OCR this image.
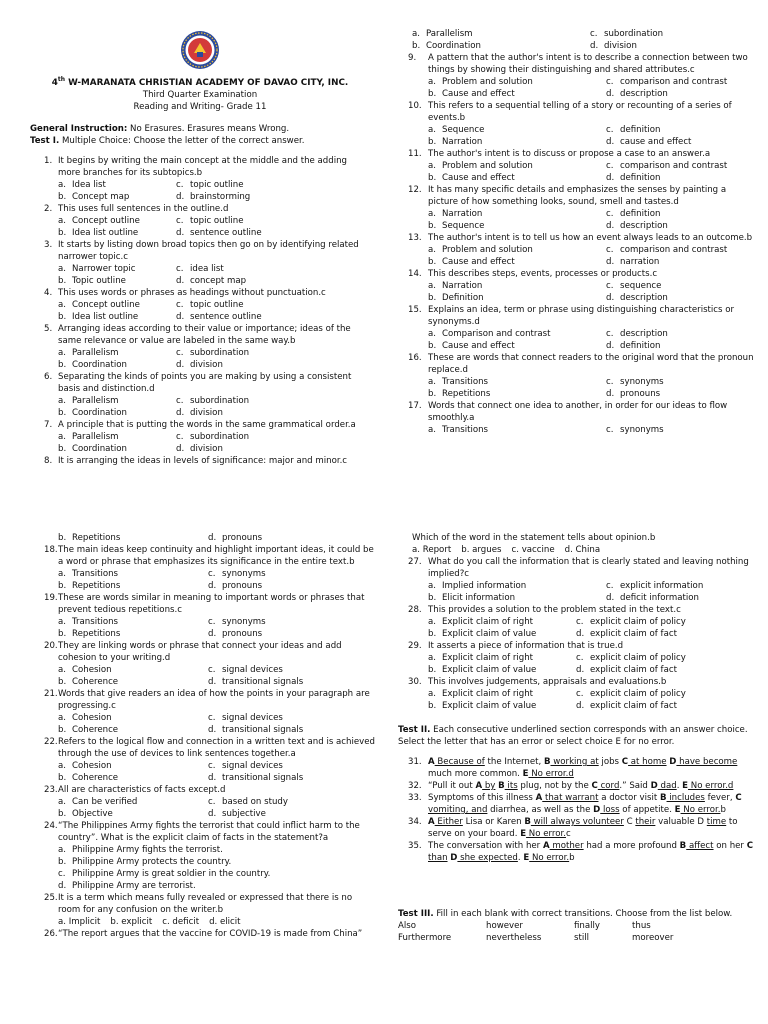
4th W-MARANATA CHRISTIAN ACADEMY OF DAVAO CITY, INC.
Third Quarter Examination
Reading and Writing- Grade 11
General Instruction: No Erasures. Erasures means Wrong.
Test I. Multiple Choice: Choose the letter of the correct answer.
1. It begins by writing the main concept at the middle and the adding more branches for its subtopics.b
a. Idea list	c. topic outline
b. Concept map	d. brainstorming
2. This uses full sentences in the outline.d
a. Concept outline	c. topic outline
b. Idea list outline	d. sentence outline
3. It starts by listing down broad topics then go on by identifying related narrower topic.c
a. Narrower topic	c. idea list
b. Topic outline	d. concept map
4. This uses words or phrases as headings without punctuation.c
a. Concept outline	c. topic outline
b. Idea list outline	d. sentence outline
5. Arranging ideas according to their value or importance; ideas of the same relevance or value are labeled in the same way.b
a. Parallelism	c. subordination
b. Coordination	d. division
6. Separating the kinds of points you are making by using a consistent basis and distinction.d
a. Parallelism	c. subordination
b. Coordination	d. division
7. A principle that is putting the words in the same grammatical order.a
a. Parallelism	c. subordination
b. Coordination	d. division
8. It is arranging the ideas in levels of significance: major and minor.c
a. Parallelism	c. subordination
b. Coordination	d. division
9. A pattern that the author's intent is to describe a connection between two things by showing their distinguishing and shared attributes.c
a. Problem and solution	c. comparison and contrast
b. Cause and effect	d. description
10. This refers to a sequential telling of a story or recounting of a series of events.b
a. Sequence	c. definition
b. Narration	d. cause and effect
11. The author's intent is to discuss or propose a case to an answer.a
a. Problem and solution	c. comparison and contrast
b. Cause and effect	d. definition
12. It has many specific details and emphasizes the senses by painting a picture of how something looks, sound, smell and tastes.d
a. Narration	c. definition
b. Sequence	d. description
13. The author's intent is to tell us how an event always leads to an outcome.b
a. Problem and solution	c. comparison and contrast
b. Cause and effect	d. narration
14. This describes steps, events, processes or products.c
a. Narration	c. sequence
b. Definition	d. description
15. Explains an idea, term or phrase using distinguishing characteristics or synonyms.d
a. Comparison and contrast	c. description
b. Cause and effect	d. definition
16. These are words that connect readers to the original word that the pronoun replace.d
a. Transitions	c. synonyms
b. Repetitions	d. pronouns
17. Words that connect one idea to another, in order for our ideas to flow smoothly.a
a. Transitions	c. synonyms
b. Repetitions	d. pronouns
18. The main ideas keep continuity and highlight important ideas, it could be a word or phrase that emphasizes its significance in the entire text.b
a. Transitions	c. synonyms
b. Repetitions	d. pronouns
19. These are words similar in meaning to important words or phrases that prevent tedious repetitions.c
a. Transitions	c. synonyms
b. Repetitions	d. pronouns
20. They are linking words or phrase that connect your ideas and add cohesion to your writing.d
a. Cohesion	c. signal devices
b. Coherence	d. transitional signals
21. Words that give readers an idea of how the points in your paragraph are progressing.c
a. Cohesion	c. signal devices
b. Coherence	d. transitional signals
22. Refers to the logical flow and connection in a written text and is achieved through the use of devices to link sentences together.a
a. Cohesion	c. signal devices
b. Coherence	d. transitional signals
23. All are characteristics of facts except.d
a. Can be verified	c. based on study
b. Objective	d. subjective
24. “The Philippines Army fights the terrorist that could inflict harm to the country”. What is the explicit claim of facts in the statement?a
a. Philippine Army fights the terrorist.
b. Philippine Army protects the country.
c. Philippine Army is great soldier in the country.
d. Philippine Army are terrorist.
25. It is a term which means fully revealed or expressed that there is no room for any confusion on the writer.b
a. Implicit b. explicit c. deficit d. elicit
26. “The report argues that the vaccine for COVID-19 is made from China”
Which of the word in the statement tells about opinion.b
a. Report b. argues c. vaccine d. China
27. What do you call the information that is clearly stated and leaving nothing implied?c
a. Implied information	c. explicit information
b. Elicit information	d. deficit information
28. This provides a solution to the problem stated in the text.c
a. Explicit claim of right	c. explicit claim of policy
b. Explicit claim of value	d. explicit claim of fact
29. It asserts a piece of information that is true.d
a. Explicit claim of right	c. explicit claim of policy
b. Explicit claim of value	d. explicit claim of fact
30. This involves judgements, appraisals and evaluations.b
a. Explicit claim of right	c. explicit claim of policy
b. Explicit claim of value	d. explicit claim of fact
Test II. Each consecutive underlined section corresponds with an answer choice. Select the letter that has an error or select choice E for no error.
31. A Because of the Internet, B working at jobs C at home D have become much more common. E No error.d
32. “Pull it out A by B its plug, not by the C cord.” Said D dad. E No error.d
33. Symptoms of this illness A that warrant a doctor visit B includes fever, C vomiting, and diarrhea, as well as the D loss of appetite. E No error.b
34. A Either Lisa or Karen B will always volunteer C their valuable D time to serve on your board. E No error.c
35. The conversation with her A mother had a more profound B affect on her C than D she expected. E No error.b
Test III. Fill in each blank with correct transitions. Choose from the list below.
Also	however	finally	thus
Furthermore	nevertheless	still	moreover
